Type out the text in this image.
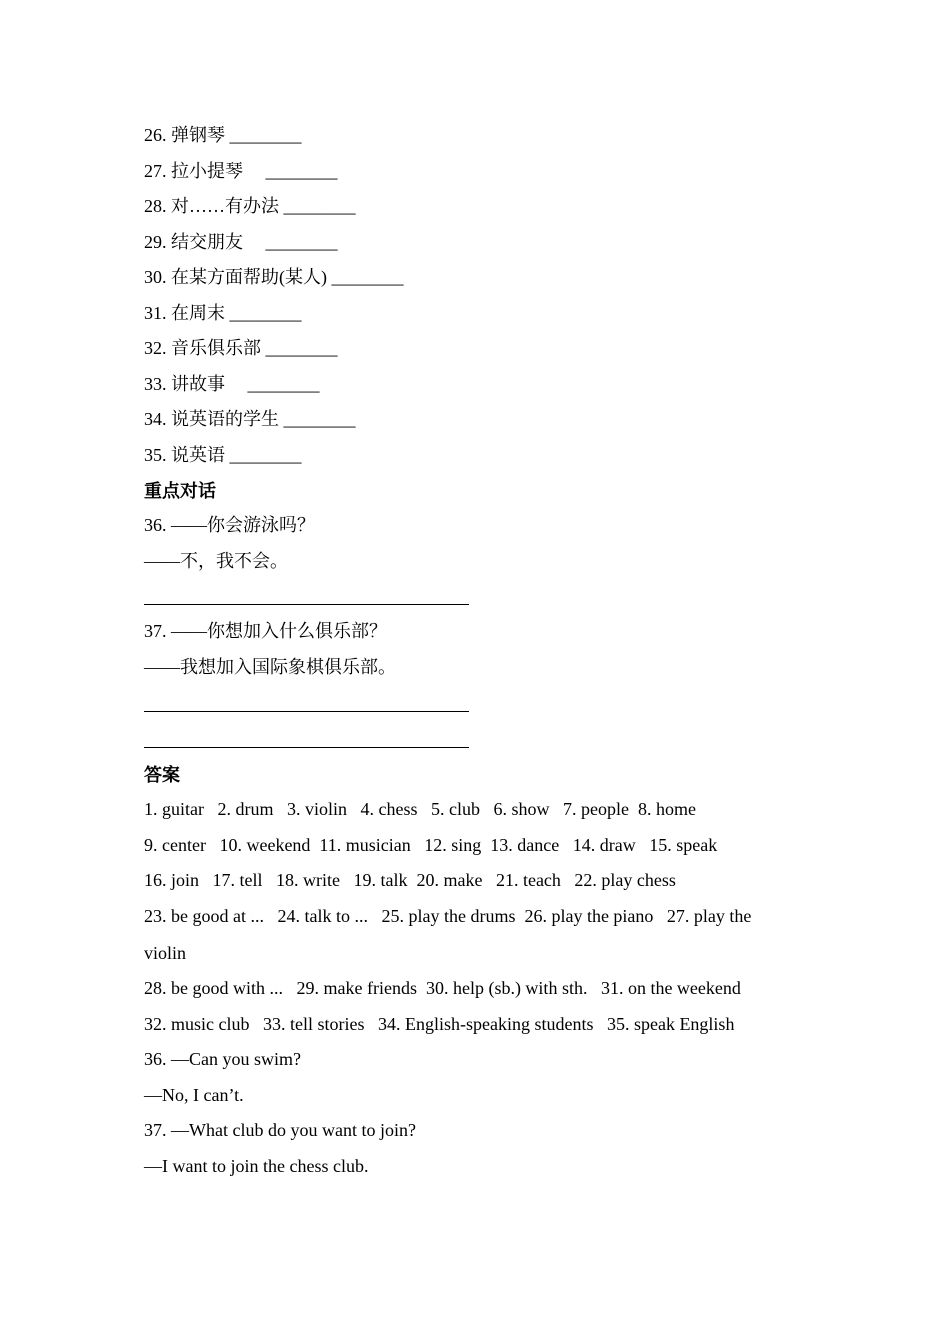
26. 弹钢琴 ________
27. 拉小提琴     ________
28. 对……有办法 ________
29. 结交朋友     ________
30. 在某方面帮助(某人) ________
31. 在周末 ________
32. 音乐俱乐部 ________
33. 讲故事     ________
34. 说英语的学生 ________
35. 说英语 ________
重点对话
36. ——你会游泳吗？
——不，我不会。
37. ——你想加入什么俱乐部？
——我想加入国际象棋俱乐部。
答案
1. guitar   2. drum   3. violin   4. chess   5. club   6. show   7. people  8. home
9. center   10. weekend  11. musician   12. sing  13. dance   14. draw   15. speak
16. join   17. tell   18. write   19. talk  20. make   21. teach   22. play chess
23. be good at ...   24. talk to ...   25. play the drums  26. play the piano   27. play the
violin
28. be good with ...   29. make friends  30. help (sb.) with sth.   31. on the weekend
32. music club   33. tell stories   34. English-speaking students   35. speak English
36. —Can you swim?
—No, I can’t.
37. —What club do you want to join?
—I want to join the chess club.
